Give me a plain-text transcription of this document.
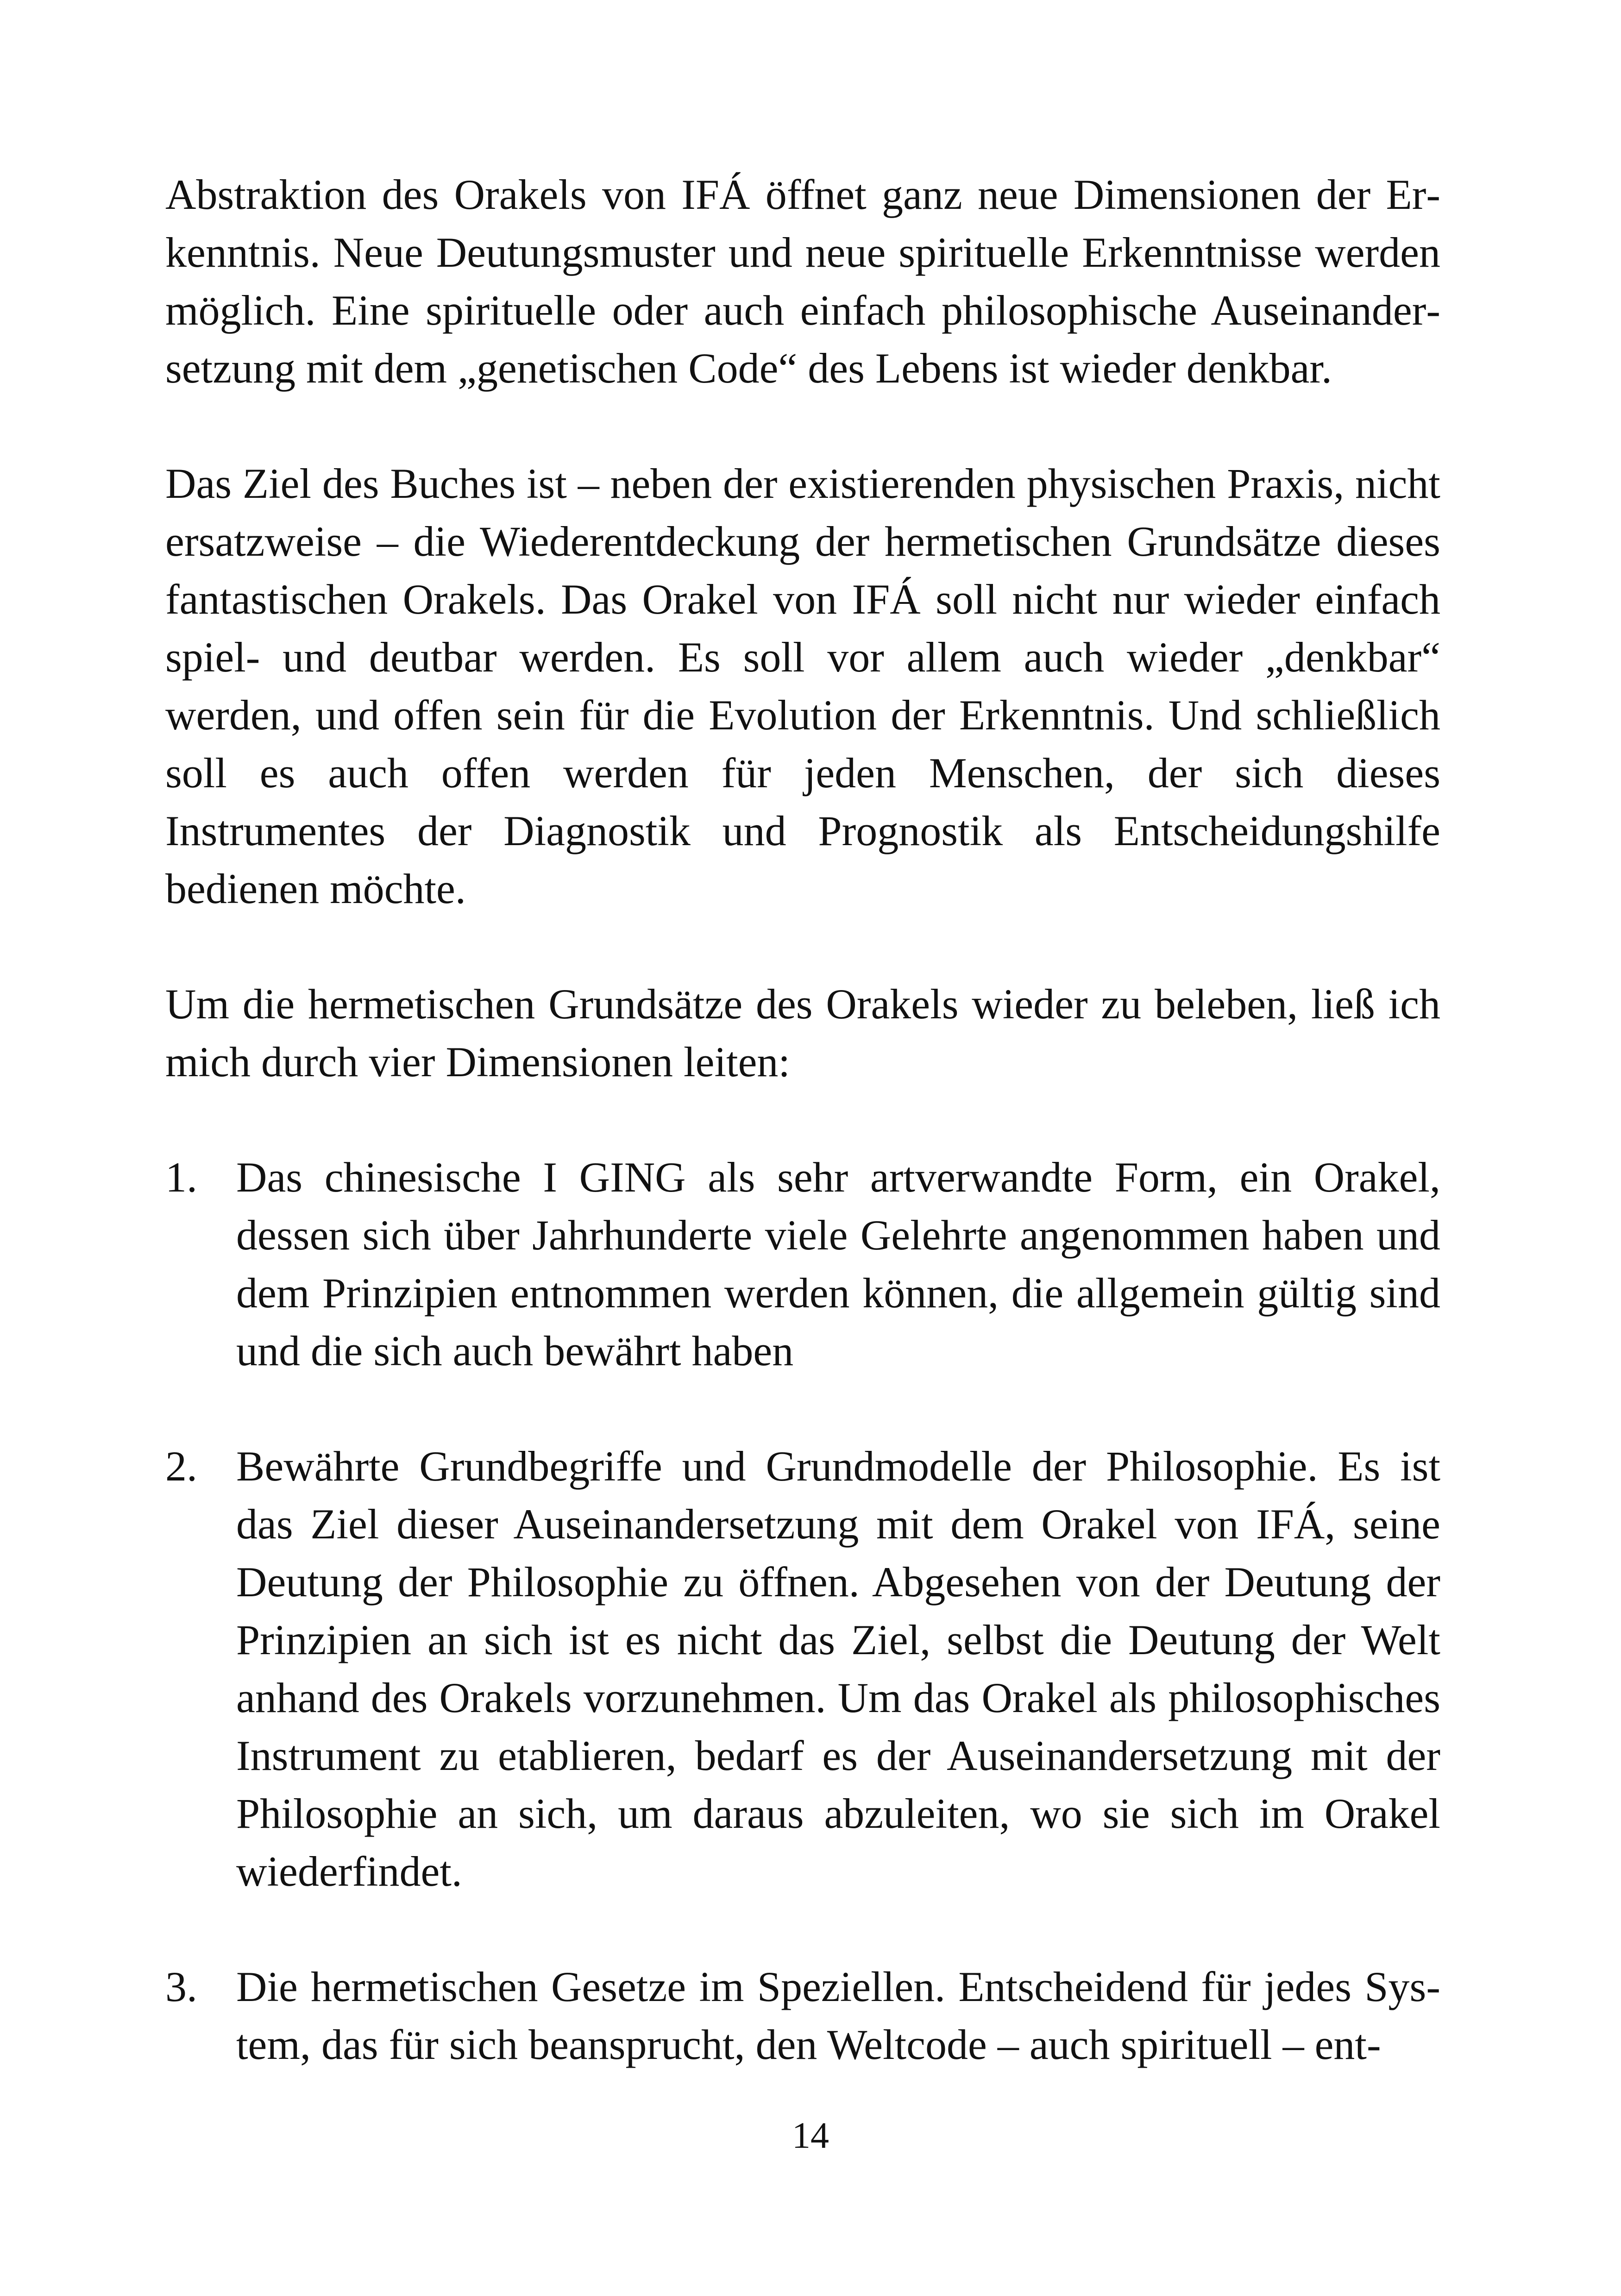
Abstraktion des Orakels von IFÁ öffnet ganz neue Dimensionen der Erkenntnis. Neue Deutungsmuster und neue spirituelle Erkenntnisse werden möglich. Eine spirituelle oder auch einfach philosophische Auseinandersetzung mit dem „genetischen Code“ des Lebens ist wieder denkbar.

Das Ziel des Buches ist – neben der existierenden physischen Praxis, nicht ersatzweise – die Wiederentdeckung der hermetischen Grundsätze dieses fantastischen Orakels. Das Orakel von IFÁ soll nicht nur wieder einfach spiel- und deutbar werden. Es soll vor allem auch wieder „denkbar“ werden, und offen sein für die Evolution der Erkenntnis. Und schließlich soll es auch offen werden für jeden Menschen, der sich dieses Instrumentes der Diagnostik und Prognostik als Entscheidungshilfe bedienen möchte.

Um die hermetischen Grundsätze des Orakels wieder zu beleben, ließ ich mich durch vier Dimensionen leiten:

1. Das chinesische I GING als sehr artverwandte Form, ein Orakel, dessen sich über Jahrhunderte viele Gelehrte angenommen haben und dem Prinzipien entnommen werden können, die allgemein gültig sind und die sich auch bewährt haben
2. Bewährte Grundbegriffe und Grundmodelle der Philosophie. Es ist das Ziel dieser Auseinandersetzung mit dem Orakel von IFÁ, seine Deutung der Philosophie zu öffnen. Abgesehen von der Deutung der Prinzipien an sich ist es nicht das Ziel, selbst die Deutung der Welt anhand des Orakels vorzunehmen. Um das Orakel als philosophisches Instrument zu etablieren, bedarf es der Auseinandersetzung mit der Philosophie an sich, um daraus abzuleiten, wo sie sich im Orakel wiederfindet.
3. Die hermetischen Gesetze im Speziellen. Entscheidend für jedes System, das für sich beansprucht, den Weltcode – auch spirituell – ent-
14
